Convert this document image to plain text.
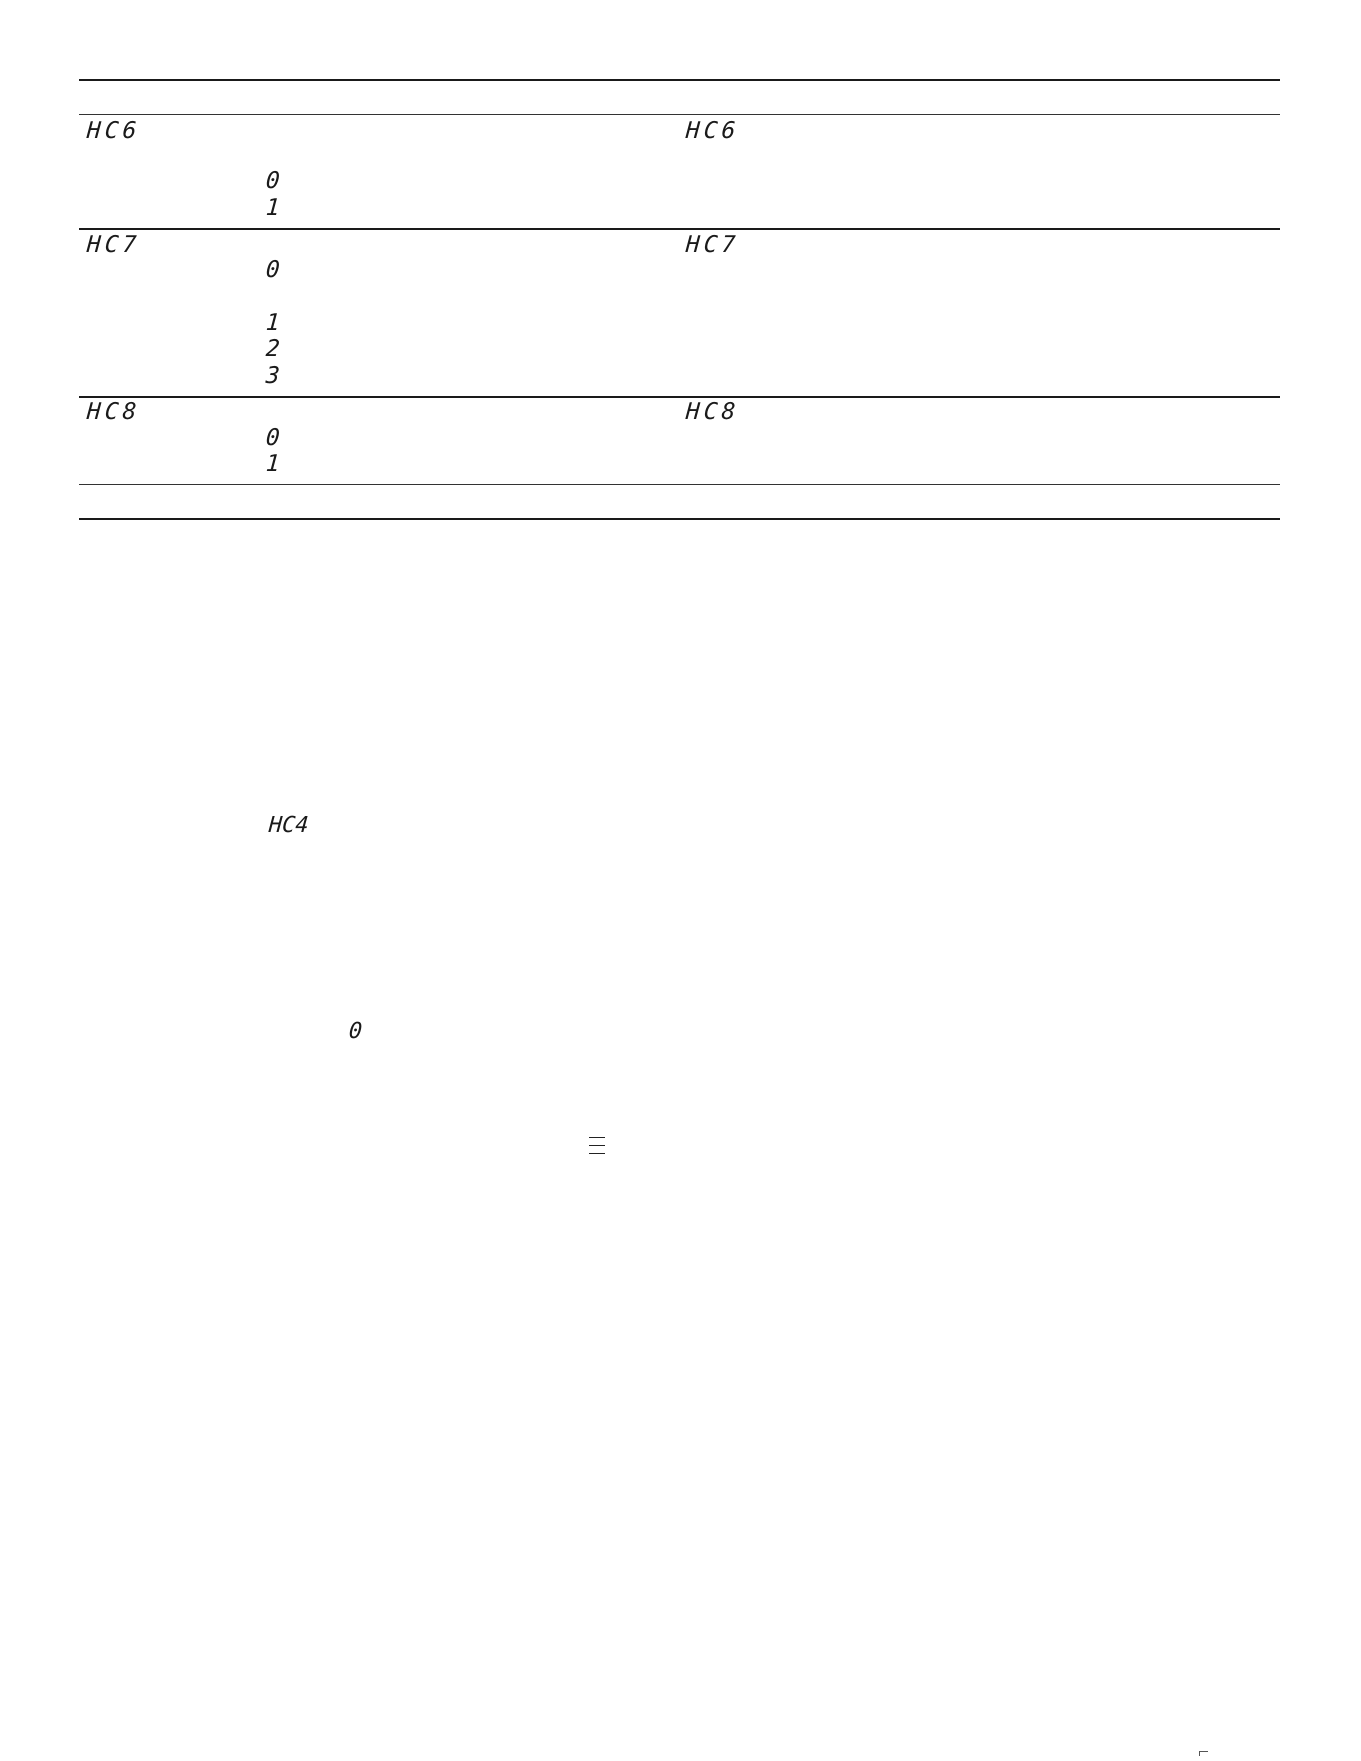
HC6	HC6
0
1
HC7	HC7
0
1
2
3
HC8	HC8
0
1
HC4
0
